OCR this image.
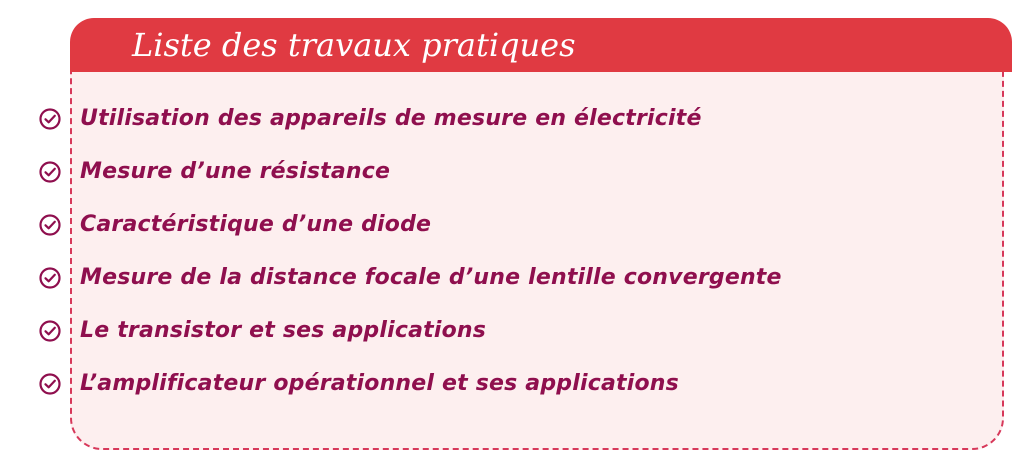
Liste des travaux pratiques
Utilisation des appareils de mesure en électricité
Mesure d’une résistance
Caractéristique d’une diode
Mesure de la distance focale d’une lentille convergente
Le transistor et ses applications
L’amplificateur opérationnel et ses applications
